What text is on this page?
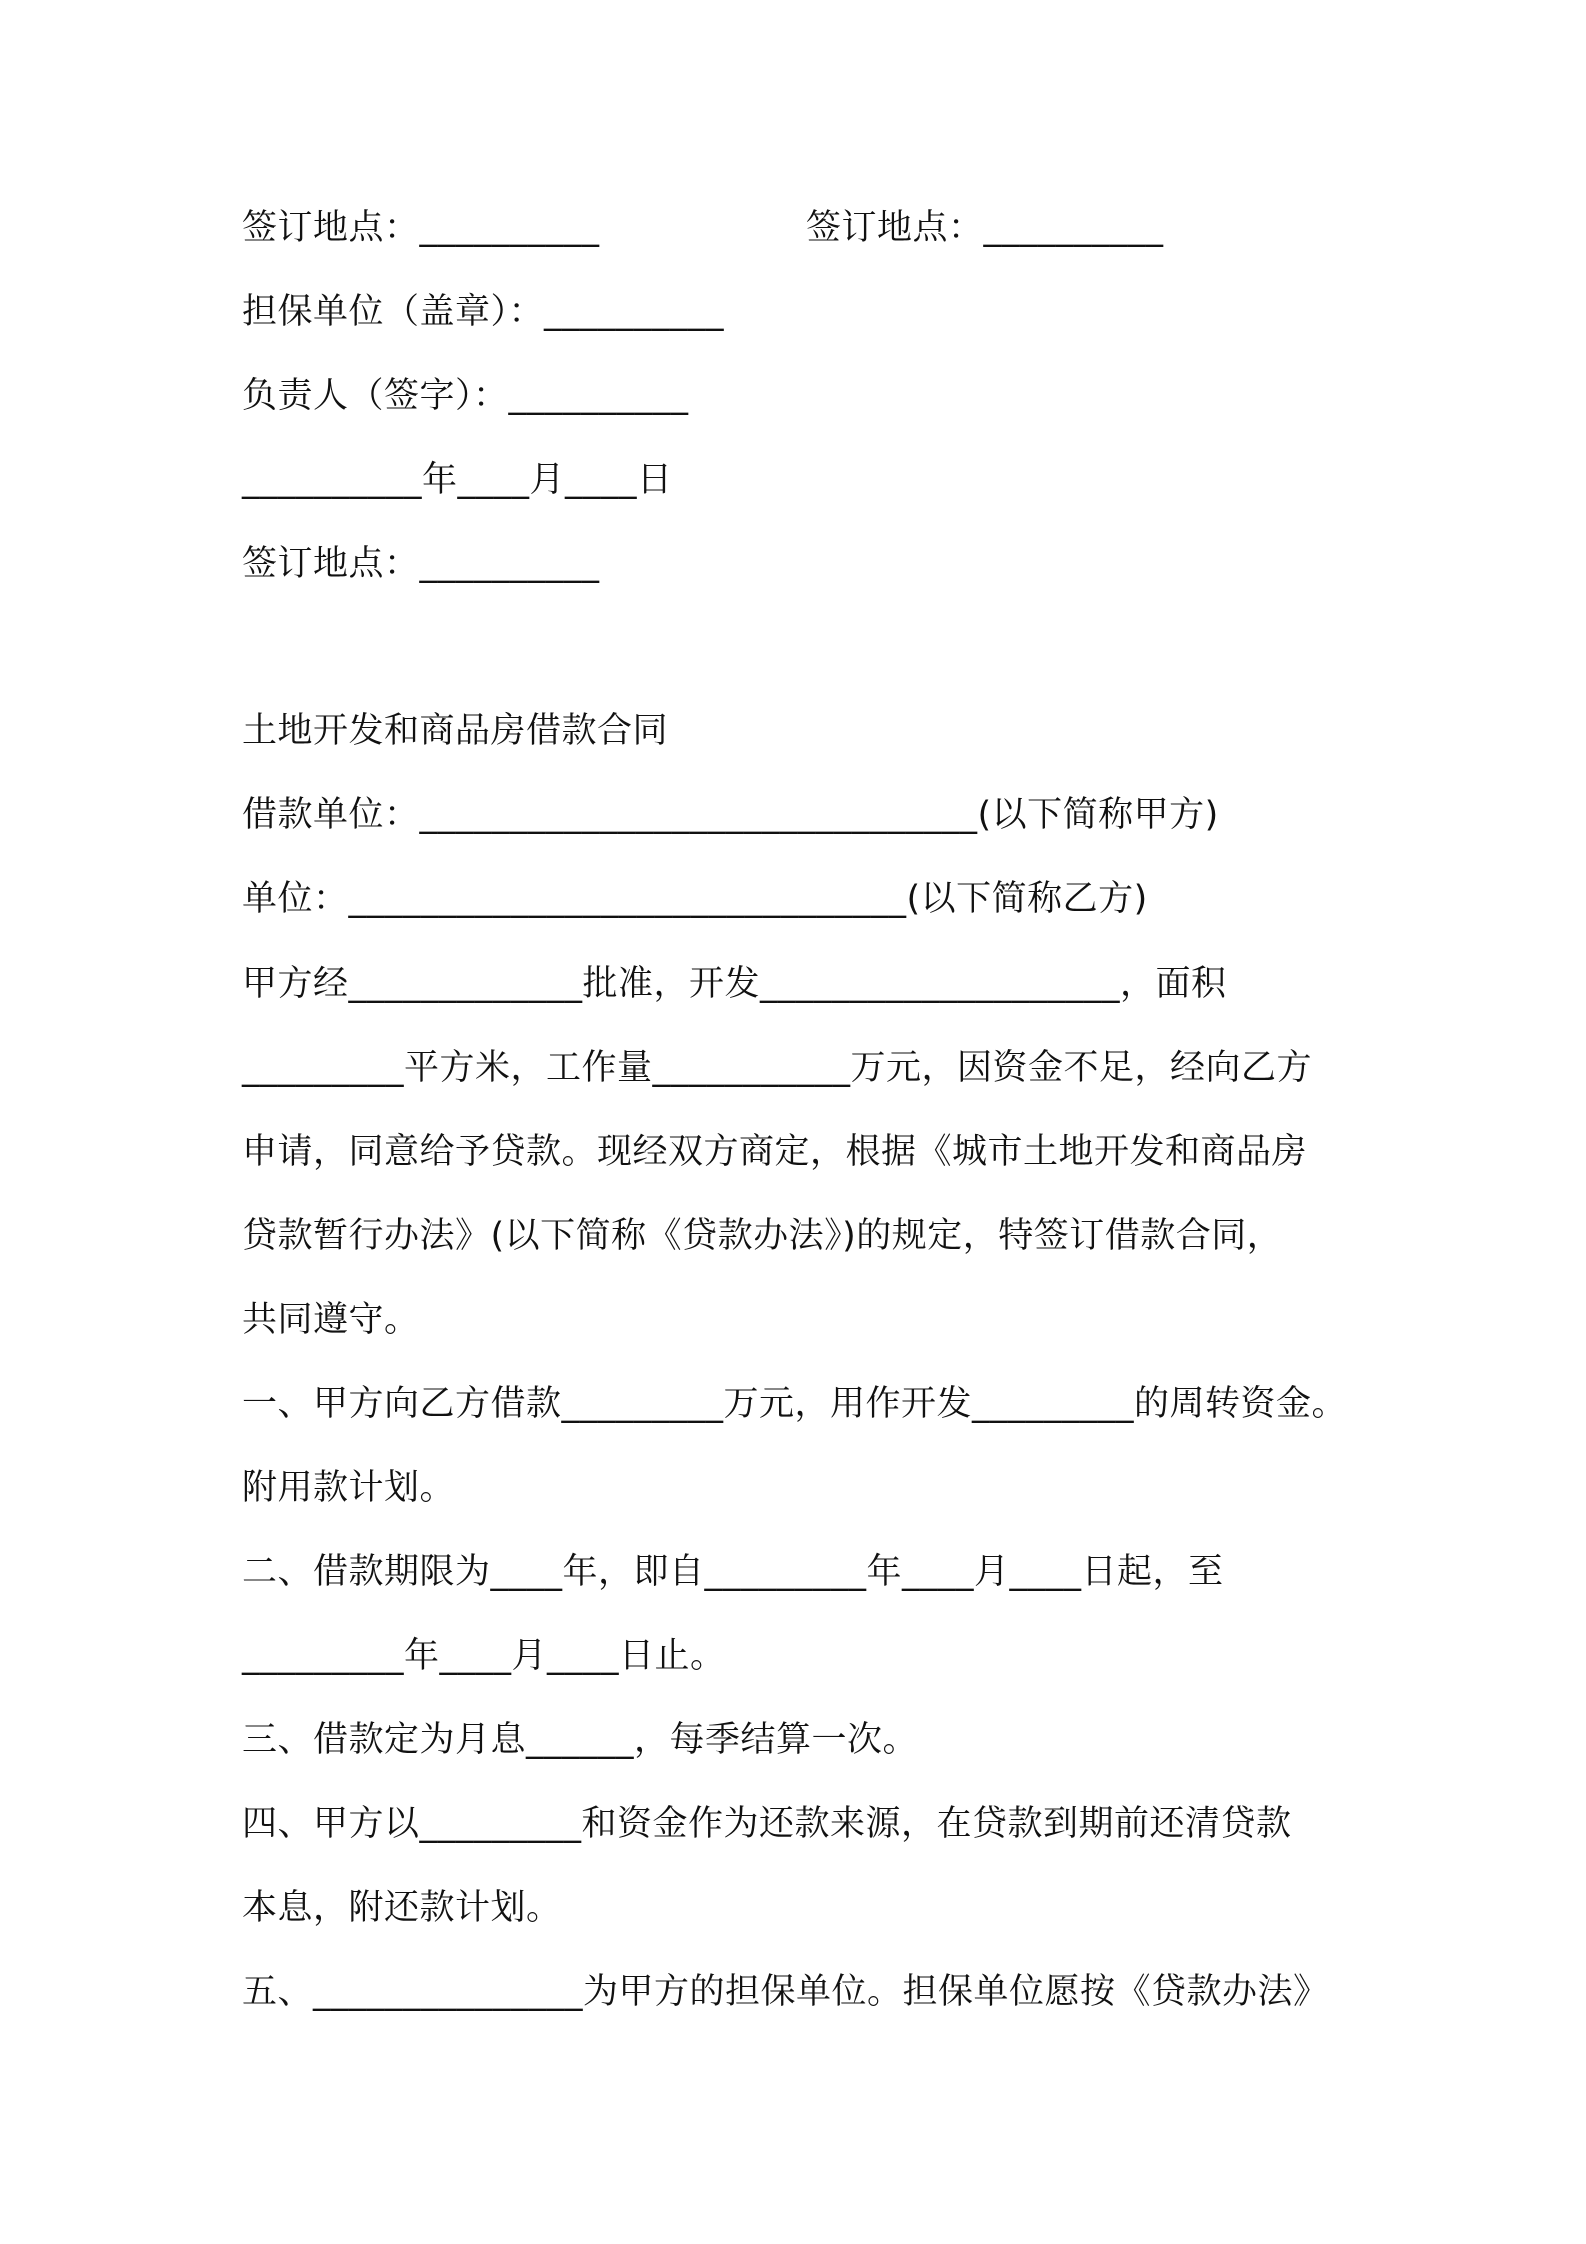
签订地点：__________	签订地点：__________
担保单位（盖章）：__________
负责人（签字）：__________
__________年____月____日
签订地点：__________
土地开发和商品房借款合同
借款单位：_______________________________(以下简称甲方)
单位：_______________________________(以下简称乙方)
甲方经_____________批准，开发____________________，面积
_________平方米，工作量___________万元，因资金不足，经向乙方
申请，同意给予贷款。现经双方商定，根据《城市土地开发和商品房
贷款暂行办法》(以下简称《贷款办法》)的规定，特签订借款合同，
共同遵守。
一、甲方向乙方借款_________万元，用作开发_________的周转资金。
附用款计划。
二、借款期限为____年，即自_________年____月____日起，至
_________年____月____日止。
三、借款定为月息______，每季结算一次。
四、甲方以_________和资金作为还款来源，在贷款到期前还清贷款
本息，附还款计划。
五、_______________为甲方的担保单位。担保单位愿按《贷款办法》
